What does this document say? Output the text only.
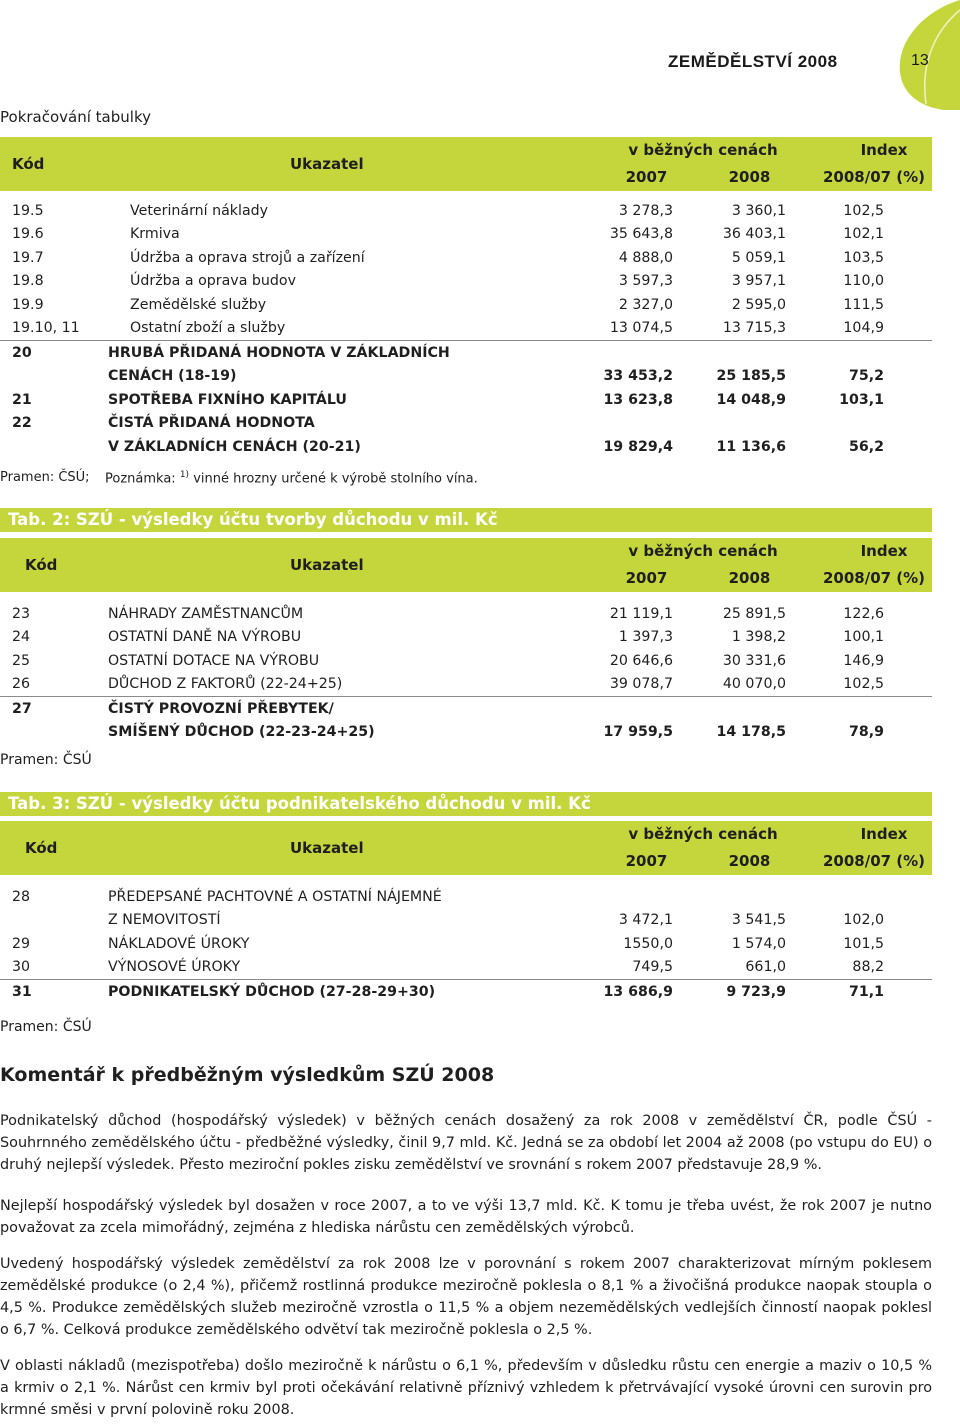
ZEMĚDĚLSTVÍ 2008	13
Pokračování tabulky
Kód	Ukazatel	v běžných cenách		Index
		2007	2008	2008/07 (%)

19.5	Veterinární náklady	3 278,3	3 360,1	102,5
19.6	Krmiva	35 643,8	36 403,1	102,1
19.7	Údržba a oprava strojů a zařízení	4 888,0	5 059,1	103,5
19.8	Údržba a oprava budov	3 597,3	3 957,1	110,0
19.9	Zemědělské služby	2 327,0	2 595,0	111,5
19.10, 11	Ostatní zboží a služby	13 074,5	13 715,3	104,9
20	HRUBÁ PŘIDANÁ HODNOTA V ZÁKLADNÍCH			
	CENÁCH (18-19)	33 453,2	25 185,5	75,2
21	SPOTŘEBA FIXNÍHO KAPITÁLU	13 623,8	14 048,9	103,1
22	ČISTÁ PŘIDANÁ HODNOTA			
	V ZÁKLADNÍCH CENÁCH (20-21)	19 829,4	11 136,6	56,2
Pramen: ČSÚ; Poznámka: $^{1)}$ vinné hrozny určené k výrobě stolního vína.
Tab. 2: SZÚ - výsledky účtu tvorby důchodu v mil. Kč
Kód	Ukazatel	v běžných cenách		Index
		2007	2008	2008/07 (%)

23	NÁHRADY ZAMĚSTNANCŮM	21 119,1	25 891,5	122,6
24	OSTATNÍ DANĚ NA VÝROBU	1 397,3	1 398,2	100,1
25	OSTATNÍ DOTACE NA VÝROBU	20 646,6	30 331,6	146,9
26	DŮCHOD Z FAKTORŮ (22-24+25)	39 078,7	40 070,0	102,5
27	ČISTÝ PROVOZNÍ PŘEBYTEK/			
	SMÍŠENÝ DŮCHOD (22-23-24+25)	17 959,5	14 178,5	78,9
Pramen: ČSÚ
Tab. 3: SZÚ - výsledky účtu podnikatelského důchodu v mil. Kč
Kód	Ukazatel	v běžných cenách		Index
		2007	2008	2008/07 (%)

28	PŘEDEPSANÉ PACHTOVNÉ A OSTATNÍ NÁJEMNÉ			
	Z NEMOVITOSTÍ	3 472,1	3 541,5	102,0
29	NÁKLADOVÉ ÚROKY	1550,0	1 574,0	101,5
30	VÝNOSOVÉ ÚROKY	749,5	661,0	88,2
31	PODNIKATELSKÝ DŮCHOD (27-28-29+30)	13 686,9	9 723,9	71,1
Pramen: ČSÚ
Komentář k předběžným výsledkům SZÚ 2008
Podnikatelský důchod (hospodářský výsledek) v běžných cenách dosažený za rok 2008 v zemědělství ČR, podle ČSÚ - Souhrnného zemědělského účtu - předběžné výsledky, činil 9,7 mld. Kč. Jedná se za období let 2004 až 2008 (po vstupu do EU) o druhý nejlepší výsledek. Přesto meziroční pokles zisku zemědělství ve srovnání s rokem 2007 představuje 28,9 %.
Nejlepší hospodářský výsledek byl dosažen v roce 2007, a to ve výši 13,7 mld. Kč. K tomu je třeba uvést, že rok 2007 je nutno považovat za zcela mimořádný, zejména z hlediska nárůstu cen zemědělských výrobců.
Uvedený hospodářský výsledek zemědělství za rok 2008 lze v porovnání s rokem 2007 charakterizovat mírným poklesem zemědělské produkce (o 2,4 %), přičemž rostlinná produkce meziročně poklesla o 8,1 % a živočišná produkce naopak stoupla o 4,5 %. Produkce zemědělských služeb meziročně vzrostla o 11,5 % a objem nezemědělských vedlejších činností naopak poklesl o 6,7 %. Celková produkce zemědělského odvětví tak meziročně poklesla o 2,5 %.
V oblasti nákladů (mezispotřeba) došlo meziročně k nárůstu o 6,1 %, především v důsledku růstu cen energie a maziv o 10,5 % a krmiv o 2,1 %. Nárůst cen krmiv byl proti očekávání relativně příznivý vzhledem k přetrvávající vysoké úrovni cen surovin pro krmné směsi v první polovině roku 2008.
